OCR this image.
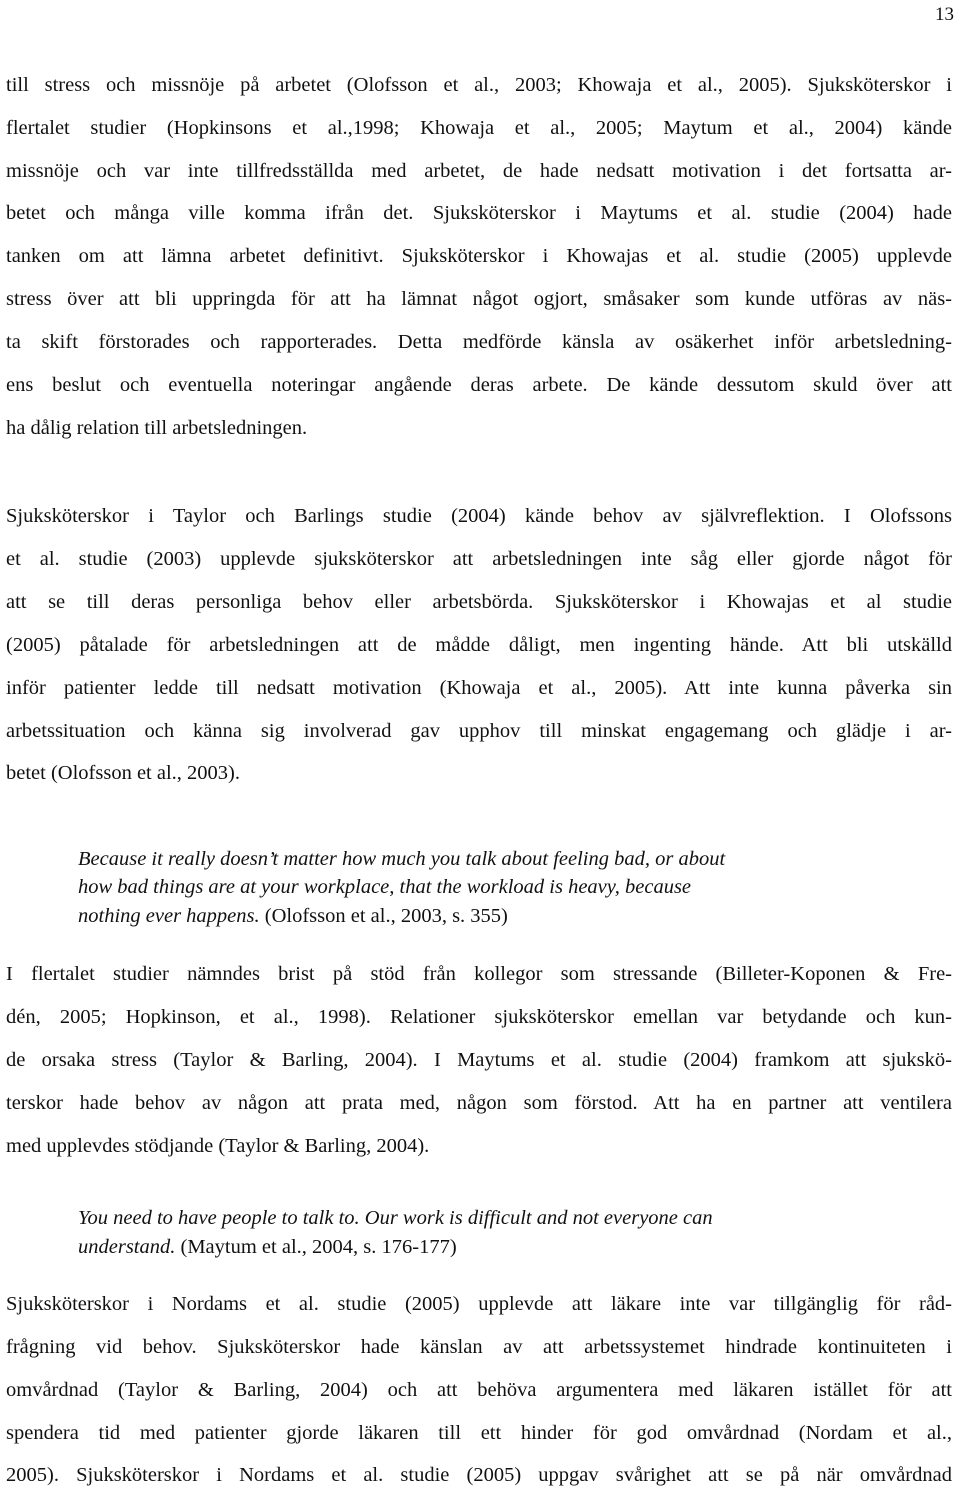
13
till stress och missnöje på arbetet (Olofsson et al., 2003; Khowaja et al., 2005). Sjuksköterskor i
flertalet studier (Hopkinsons et al.,1998; Khowaja et al., 2005; Maytum et al., 2004) kände
missnöje och var inte tillfredsställda med arbetet, de hade nedsatt motivation i det fortsatta ar-
betet och många ville komma ifrån det. Sjuksköterskor i Maytums et al. studie (2004) hade
tanken om att lämna arbetet definitivt. Sjuksköterskor i Khowajas et al. studie (2005) upplevde
stress över att bli uppringda för att ha lämnat något ogjort, småsaker som kunde utföras av näs-
ta skift förstorades och rapporterades. Detta medförde känsla av osäkerhet inför arbetsledning-
ens beslut och eventuella noteringar angående deras arbete. De kände dessutom skuld över att
ha dålig relation till arbetsledningen.
Sjuksköterskor i Taylor och Barlings studie (2004) kände behov av självreflektion. I Olofssons
et al. studie (2003) upplevde sjuksköterskor att arbetsledningen inte såg eller gjorde något för
att se till deras personliga behov eller arbetsbörda. Sjuksköterskor i Khowajas et al studie
(2005) påtalade för arbetsledningen att de mådde dåligt, men ingenting hände. Att bli utskälld
inför patienter ledde till nedsatt motivation (Khowaja et al., 2005). Att inte kunna påverka sin
arbetssituation och känna sig involverad gav upphov till minskat engagemang och glädje i ar-
betet (Olofsson et al., 2003).
Because it really doesn’t matter how much you talk about feeling bad, or about
how bad things are at your workplace, that the workload is heavy, because
nothing ever happens. (Olofsson et al., 2003, s. 355)
I flertalet studier nämndes brist på stöd från kollegor som stressande (Billeter-Koponen & Fre-
dén, 2005; Hopkinson, et al., 1998). Relationer sjuksköterskor emellan var betydande och kun-
de orsaka stress (Taylor & Barling, 2004). I Maytums et al. studie (2004) framkom att sjukskö-
terskor hade behov av någon att prata med, någon som förstod. Att ha en partner att ventilera
med upplevdes stödjande (Taylor & Barling, 2004).
You need to have people to talk to. Our work is difficult and not everyone can
understand. (Maytum et al., 2004, s. 176-177)
Sjuksköterskor i Nordams et al. studie (2005) upplevde att läkare inte var tillgänglig för råd-
frågning vid behov. Sjuksköterskor hade känslan av att arbetssystemet hindrade kontinuiteten i
omvårdnad (Taylor & Barling, 2004) och att behöva argumentera med läkaren istället för att
spendera tid med patienter gjorde läkaren till ett hinder för god omvårdnad (Nordam et al.,
2005). Sjuksköterskor i Nordams et al. studie (2005) uppgav svårighet att se på när omvårdnad
